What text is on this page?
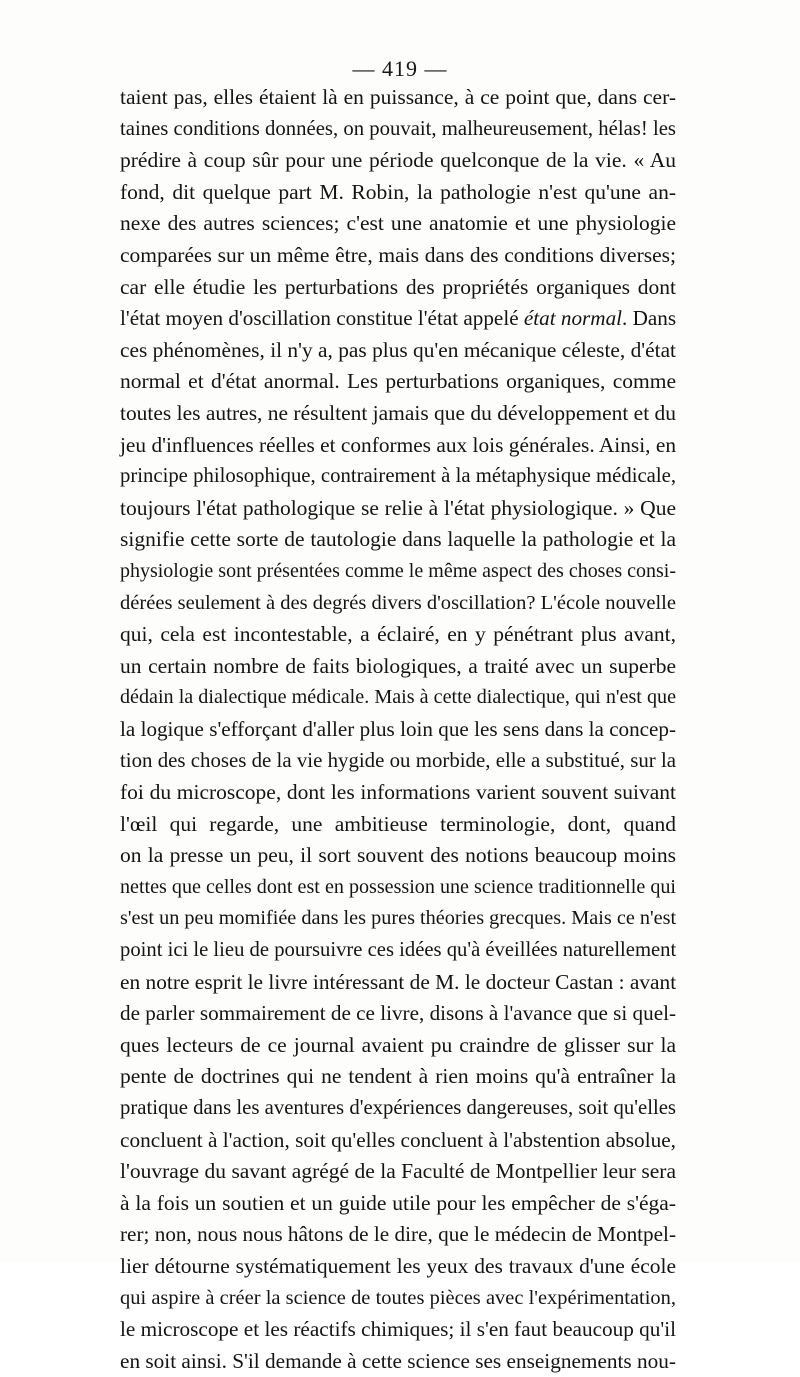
— 419 —
taient pas, elles étaient là en puissance, à ce point que, dans cer-
taines conditions données, on pouvait, malheureusement, hélas! les
prédire à coup sûr pour une période quelconque de la vie. « Au
fond, dit quelque part M. Robin, la pathologie n'est qu'une an-
nexe des autres sciences; c'est une anatomie et une physiologie
comparées sur un même être, mais dans des conditions diverses;
car elle étudie les perturbations des propriétés organiques dont
l'état moyen d'oscillation constitue l'état appelé état normal. Dans
ces phénomènes, il n'y a, pas plus qu'en mécanique céleste, d'état
normal et d'état anormal. Les perturbations organiques, comme
toutes les autres, ne résultent jamais que du développement et du
jeu d'influences réelles et conformes aux lois générales. Ainsi, en
principe philosophique, contrairement à la métaphysique médicale,
toujours l'état pathologique se relie à l'état physiologique. » Que
signifie cette sorte de tautologie dans laquelle la pathologie et la
physiologie sont présentées comme le même aspect des choses consi-
dérées seulement à des degrés divers d'oscillation? L'école nouvelle
qui, cela est incontestable, a éclairé, en y pénétrant plus avant,
un certain nombre de faits biologiques, a traité avec un superbe
dédain la dialectique médicale. Mais à cette dialectique, qui n'est que
la logique s'efforçant d'aller plus loin que les sens dans la concep-
tion des choses de la vie hygide ou morbide, elle a substitué, sur la
foi du microscope, dont les informations varient souvent suivant
l'œil qui regarde, une ambitieuse terminologie, dont, quand
on la presse un peu, il sort souvent des notions beaucoup moins
nettes que celles dont est en possession une science traditionnelle qui
s'est un peu momifiée dans les pures théories grecques. Mais ce n'est
point ici le lieu de poursuivre ces idées qu'à éveillées naturellement
en notre esprit le livre intéressant de M. le docteur Castan : avant
de parler sommairement de ce livre, disons à l'avance que si quel-
ques lecteurs de ce journal avaient pu craindre de glisser sur la
pente de doctrines qui ne tendent à rien moins qu'à entraîner la
pratique dans les aventures d'expériences dangereuses, soit qu'elles
concluent à l'action, soit qu'elles concluent à l'abstention absolue,
l'ouvrage du savant agrégé de la Faculté de Montpellier leur sera
à la fois un soutien et un guide utile pour les empêcher de s'éga-
rer; non, nous nous hâtons de le dire, que le médecin de Montpel-
lier détourne systématiquement les yeux des travaux d'une école
qui aspire à créer la science de toutes pièces avec l'expérimentation,
le microscope et les réactifs chimiques; il s'en faut beaucoup qu'il
en soit ainsi. S'il demande à cette science ses enseignements nou-
